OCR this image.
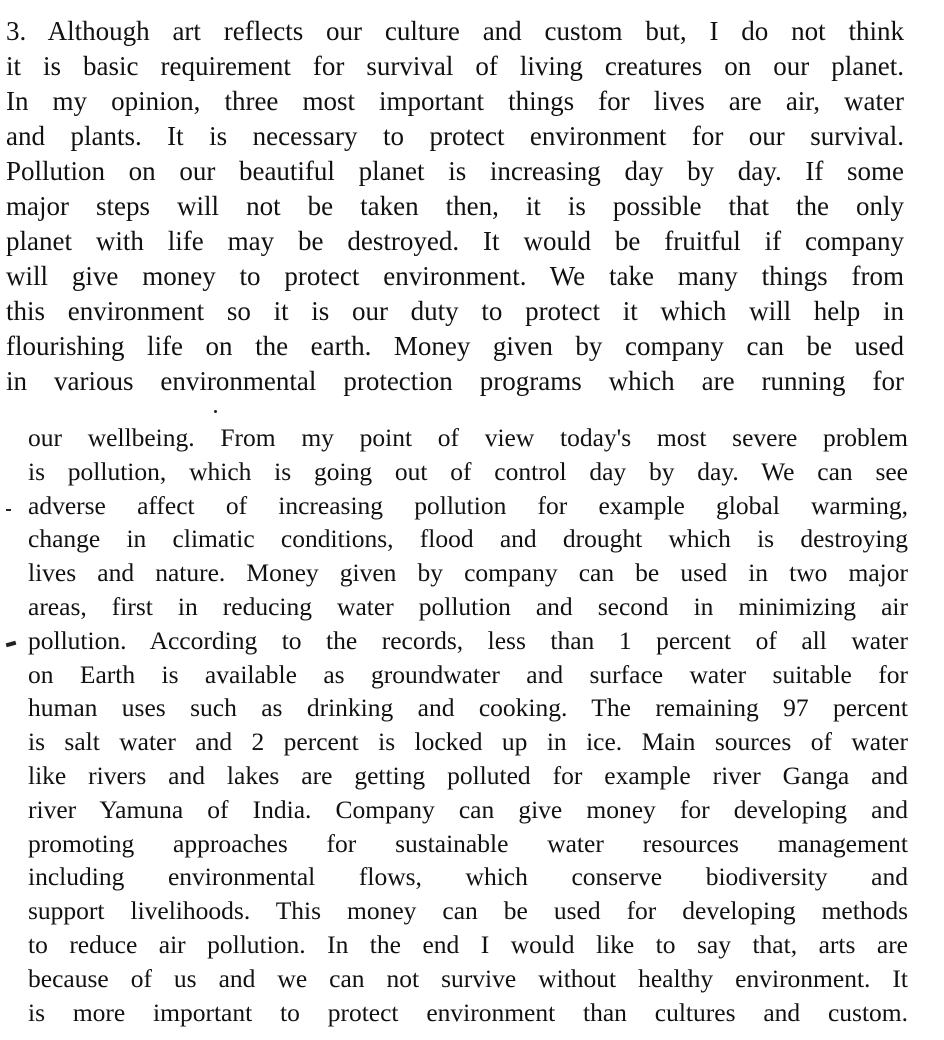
3. Although art reflects our culture and custom but, I do not think
it is basic requirement for survival of living creatures on our planet.
In my opinion, three most important things for lives are air, water
and plants. It is necessary to protect environment for our survival.
Pollution on our beautiful planet is increasing day by day. If some
major steps will not be taken then, it is possible that the only
planet with life may be destroyed. It would be fruitful if company
will give money to protect environment. We take many things from
this environment so it is our duty to protect it which will help in
flourishing life on the earth. Money given by company can be used
in various environmental protection programs which are running for
our wellbeing. From my point of view today's most severe problem
is pollution, which is going out of control day by day. We can see
adverse affect of increasing pollution for example global warming,
change in climatic conditions, flood and drought which is destroying
lives and nature. Money given by company can be used in two major
areas, first in reducing water pollution and second in minimizing air
pollution. According to the records, less than 1 percent of all water
on Earth is available as groundwater and surface water suitable for
human uses such as drinking and cooking. The remaining 97 percent
is salt water and 2 percent is locked up in ice. Main sources of water
like rivers and lakes are getting polluted for example river Ganga and
river Yamuna of India. Company can give money for developing and
promoting approaches for sustainable water resources management
including environmental flows, which conserve biodiversity and
support livelihoods. This money can be used for developing methods
to reduce air pollution. In the end I would like to say that, arts are
because of us and we can not survive without healthy environment. It
is more important to protect environment than cultures and custom.
